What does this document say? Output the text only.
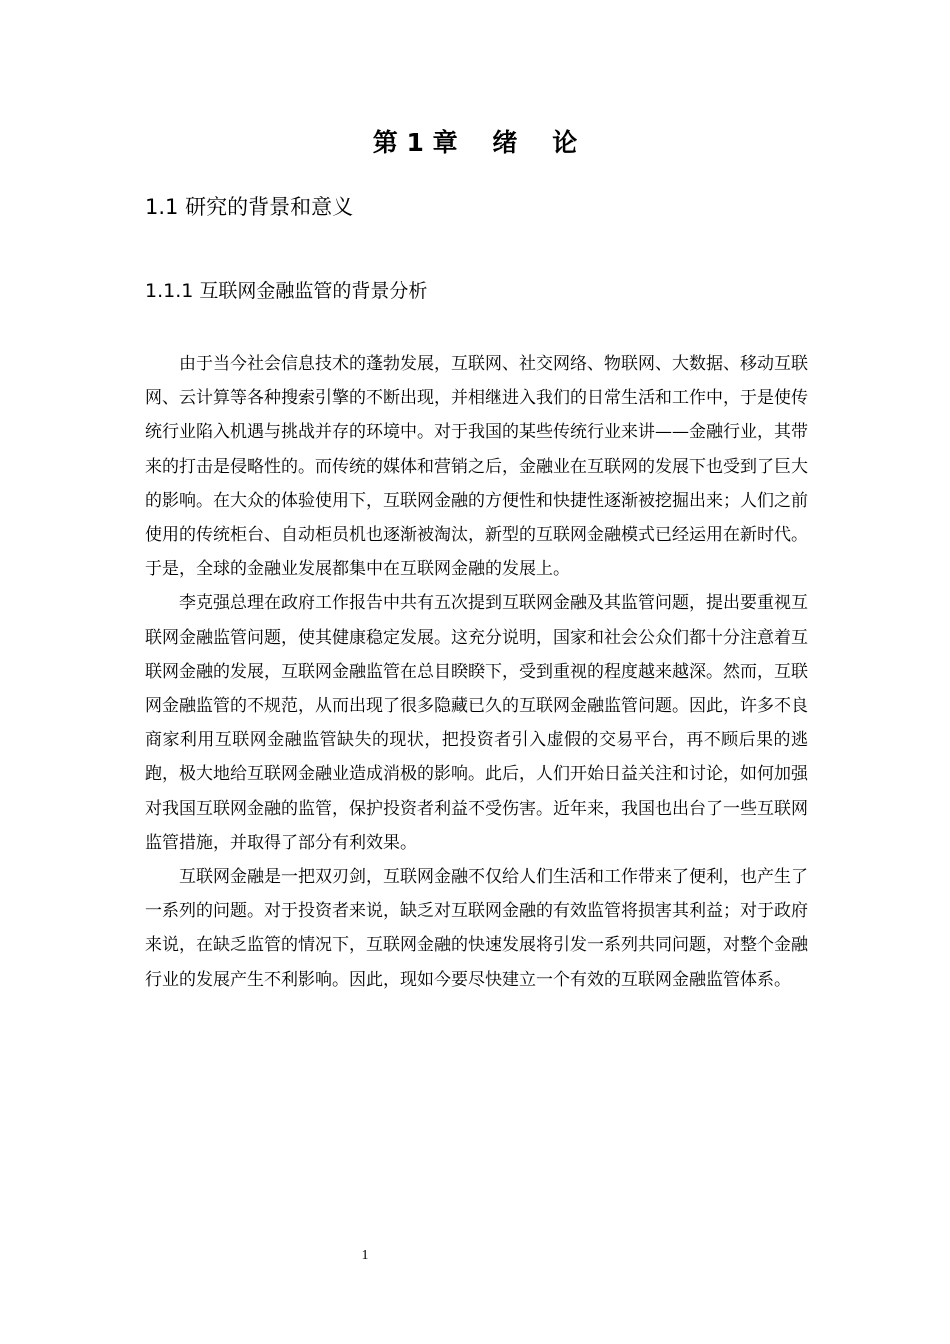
第 1 章    绪    论
1.1 研究的背景和意义
1.1.1 互联网金融监管的背景分析

由于当今社会信息技术的蓬勃发展，互联网、社交网络、物联网、大数据、移动互联网、云计算等各种搜索引擎的不断出现，并相继进入我们的日常生活和工作中，于是使传统行业陷入机遇与挑战并存的环境中。对于我国的某些传统行业来讲——金融行业，其带来的打击是侵略性的。而传统的媒体和营销之后，金融业在互联网的发展下也受到了巨大的影响。在大众的体验使用下，互联网金融的方便性和快捷性逐渐被挖掘出来；人们之前使用的传统柜台、自动柜员机也逐渐被淘汰，新型的互联网金融模式已经运用在新时代。于是，全球的金融业发展都集中在互联网金融的发展上。

李克强总理在政府工作报告中共有五次提到互联网金融及其监管问题，提出要重视互联网金融监管问题，使其健康稳定发展。这充分说明，国家和社会公众们都十分注意着互联网金融的发展，互联网金融监管在总目睽睽下，受到重视的程度越来越深。然而，互联网金融监管的不规范，从而出现了很多隐藏已久的互联网金融监管问题。因此，许多不良商家利用互联网金融监管缺失的现状，把投资者引入虚假的交易平台，再不顾后果的逃跑，极大地给互联网金融业造成消极的影响。此后，人们开始日益关注和讨论，如何加强对我国互联网金融的监管，保护投资者利益不受伤害。近年来，我国也出台了一些互联网监管措施，并取得了部分有利效果。

互联网金融是一把双刃剑，互联网金融不仅给人们生活和工作带来了便利，也产生了一系列的问题。对于投资者来说，缺乏对互联网金融的有效监管将损害其利益；对于政府来说，在缺乏监管的情况下，互联网金融的快速发展将引发一系列共同问题，对整个金融行业的发展产生不利影响。因此，现如今要尽快建立一个有效的互联网金融监管体系。

1
